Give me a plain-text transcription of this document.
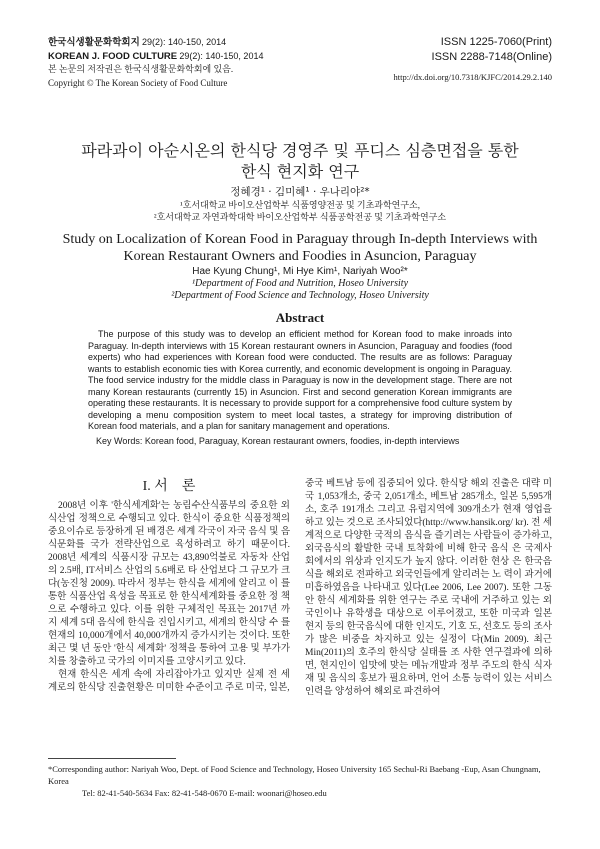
한국식생활문화학회지 29(2): 140-150, 2014
KOREAN J. FOOD CULTURE 29(2): 140-150, 2014
본 논문의 저작권은 한국식생활문화학회에 있음.
Copyright © The Korean Society of Food Culture
ISSN 1225-7060(Print)
ISSN 2288-7148(Online)
http://dx.doi.org/10.7318/KJFC/2014.29.2.140
파라과이 아순시온의 한식당 경영주 및 푸디스 심층면접을 통한
한식 현지화 연구
정혜경¹ · 김미혜¹ · 우나리야²*
¹호서대학교 바이오산업학부 식품영양전공 및 기초과학연구소,
²호서대학교 자연과학대학 바이오산업학부 식품공학전공 및 기초과학연구소
Study on Localization of Korean Food in Paraguay through In-depth Interviews with
Korean Restaurant Owners and Foodies in Asuncion, Paraguay
Hae Kyung Chung¹, Mi Hye Kim¹, Nariyah Woo²*
¹Department of Food and Nutrition, Hoseo University
²Department of Food Science and Technology, Hoseo University
Abstract
The purpose of this study was to develop an efficient method for Korean food to make inroads into Paraguay. In-depth interviews with 15 Korean restaurant owners in Asuncion, Paraguay and foodies (food experts) who had experiences with Korean food were conducted. The results are as follows: Paraguay wants to establish economic ties with Korea currently, and economic development is ongoing in Paraguay. The food service industry for the middle class in Paraguay is now in the development stage. There are not many Korean restaurants (currently 15) in Asuncion. First and second generation Korean immigrants are operating these restaurants. It is necessary to provide support for a comprehensive food culture system by developing a menu composition system to meet local tastes, a strategy for improving distribution of Korean food materials, and a plan for sanitary management and operations.
Key Words: Korean food, Paraguay, Korean restaurant owners, foodies, in-depth interviews
I. 서　론
2008년 이후 '한식세계화'는 농림수산식품부의 중요한 외 식산업 정책으로 수행되고 있다. 한식이 중요한 식품정책의 중요이슈로 등장하게 된 배경은 세계 각국이 자국 음식 및 음식문화를 국가 전략산업으로 육성하려고 하기 때문이다. 2008년 세계의 식품시장 규모는 43,890억불로 자동차 산업 의 2.5배, IT서비스 산업의 5.6배로 타 산업보다 그 규모가 크다(농진청 2009). 따라서 정부는 한식을 세계에 알리고 이 를 통한 식품산업 육성을 목표로 한 한식세계화를 중요한 정 책으로 수행하고 있다. 이를 위한 구체적인 목표는 2017년 까지 세계 5대 음식에 한식을 진입시키고, 세계의 한식당 수 를 현재의 10,000개에서 40,000개까지 증가시키는 것이다. 또한 최근 몇 년 동안 '한식 세계화' 정책을 통하여 고용 및 부가가치를 창출하고 국가의 이미지를 고양시키고 있다.
현재 한식은 세계 속에 자리잡아가고 있지만 실제 전 세 계로의 한식당 진출현황은 미미한 수준이고 주로 미국, 일본,
중국 베트남 등에 집중되어 있다. 한식당 해외 진출은 대략 미국 1,053개소, 중국 2,051개소, 베트남 285개소, 일본 5,595개소, 호주 191개소 그리고 유럽지역에 309개소가 현재 영업을 하고 있는 것으로 조사되었다(http://www.hansik.org/ kr). 전 세계적으로 다양한 국적의 음식을 즐기려는 사람들이 증가하고, 외국음식의 활발한 국내 토착화에 비해 한국 음식 은 국제사회에서의 위상과 인지도가 높지 않다. 이러한 현상 은 한국음식을 해외로 전파하고 외국인들에게 알리려는 노 력이 과거에 미흡하였음을 나타내고 있다(Lee 2006, Lee 2007). 또한 그동안 한식 세계화를 위한 연구는 주로 국내에 거주하고 있는 외국인이나 유학생을 대상으로 이루어졌고, 또한 미국과 일본 현지 등의 한국음식에 대한 인지도, 기호 도, 선호도 등의 조사가 많은 비중을 차지하고 있는 실정이 다(Min 2009). 최근 Min(2011)의 호주의 한식당 실태를 조 사한 연구결과에 의하면, 현지인이 입맛에 맞는 메뉴개발과 정부 주도의 한식 식자재 및 음식의 홍보가 필요하며, 언어 소통 능력이 있는 서비스 인력을 양성하여 해외로 파견하여
*Corresponding author: Nariyah Woo, Dept. of Food Science and Technology, Hoseo University 165 Sechul-Ri Baebang -Eup, Asan Chungnam, Korea
Tel: 82-41-540-5634 Fax: 82-41-548-0670 E-mail: woonari@hoseo.edu
